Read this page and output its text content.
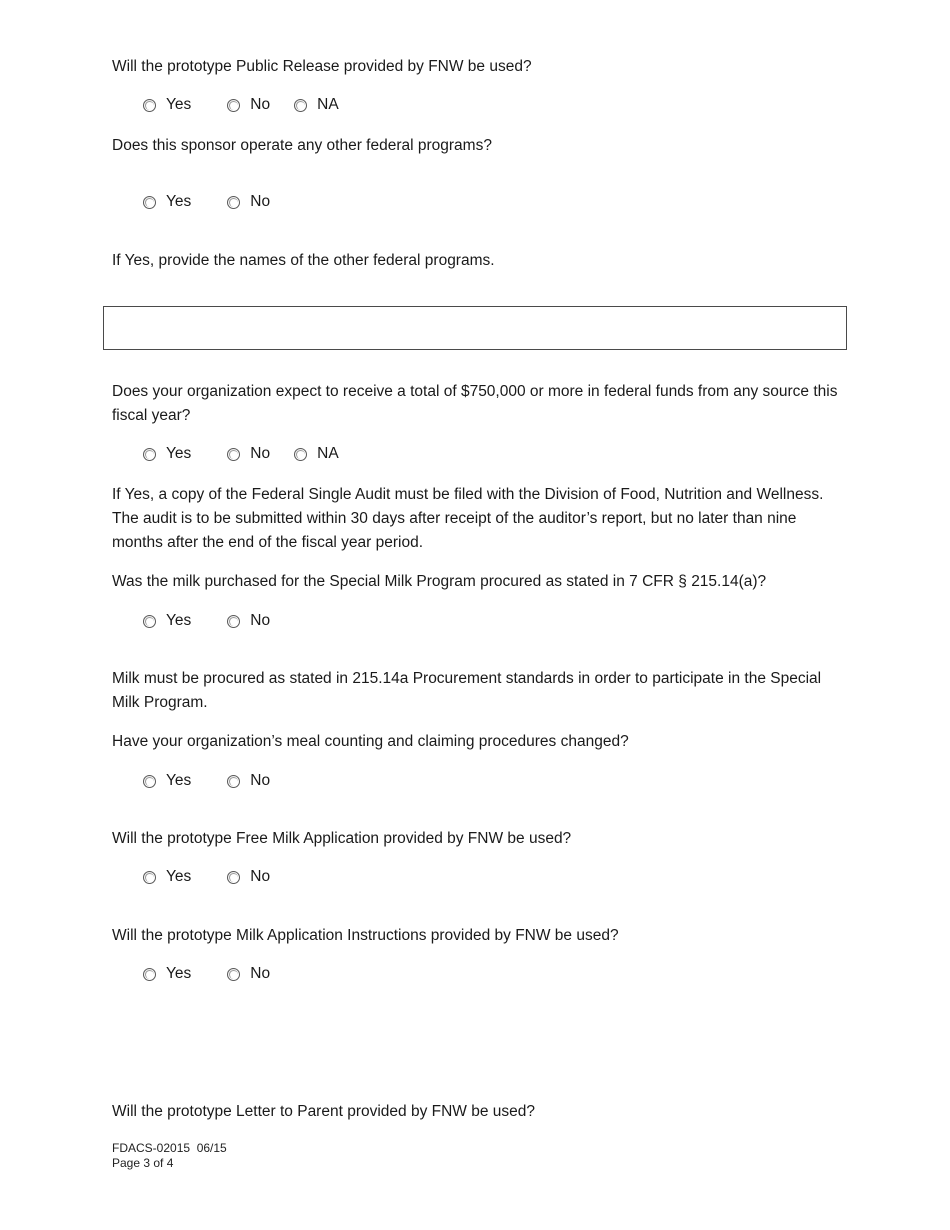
Will the prototype Public Release provided by FNW be used?

Yes	No	NA

Does this sponsor operate any other federal programs?

Yes	No

If Yes, provide the names of the other federal programs.

Does your organization expect to receive a total of $750,000 or more in federal funds from any source this fiscal year?

Yes	No	NA

If Yes, a copy of the Federal Single Audit must be filed with the Division of Food, Nutrition and Wellness. The audit is to be submitted within 30 days after receipt of the auditor’s report, but no later than nine months after the end of the fiscal year period.

Was the milk purchased for the Special Milk Program procured as stated in 7 CFR § 215.14(a)?

Yes	No

Milk must be procured as stated in 215.14a Procurement standards in order to participate in the Special Milk Program.

Have your organization’s meal counting and claiming procedures changed?

Yes	No

Will the prototype Free Milk Application provided by FNW be used?

Yes	No

Will the prototype Milk Application Instructions provided by FNW be used?

Yes	No

Will the prototype Letter to Parent provided by FNW be used?

FDACS-02015  06/15
Page 3 of 4
